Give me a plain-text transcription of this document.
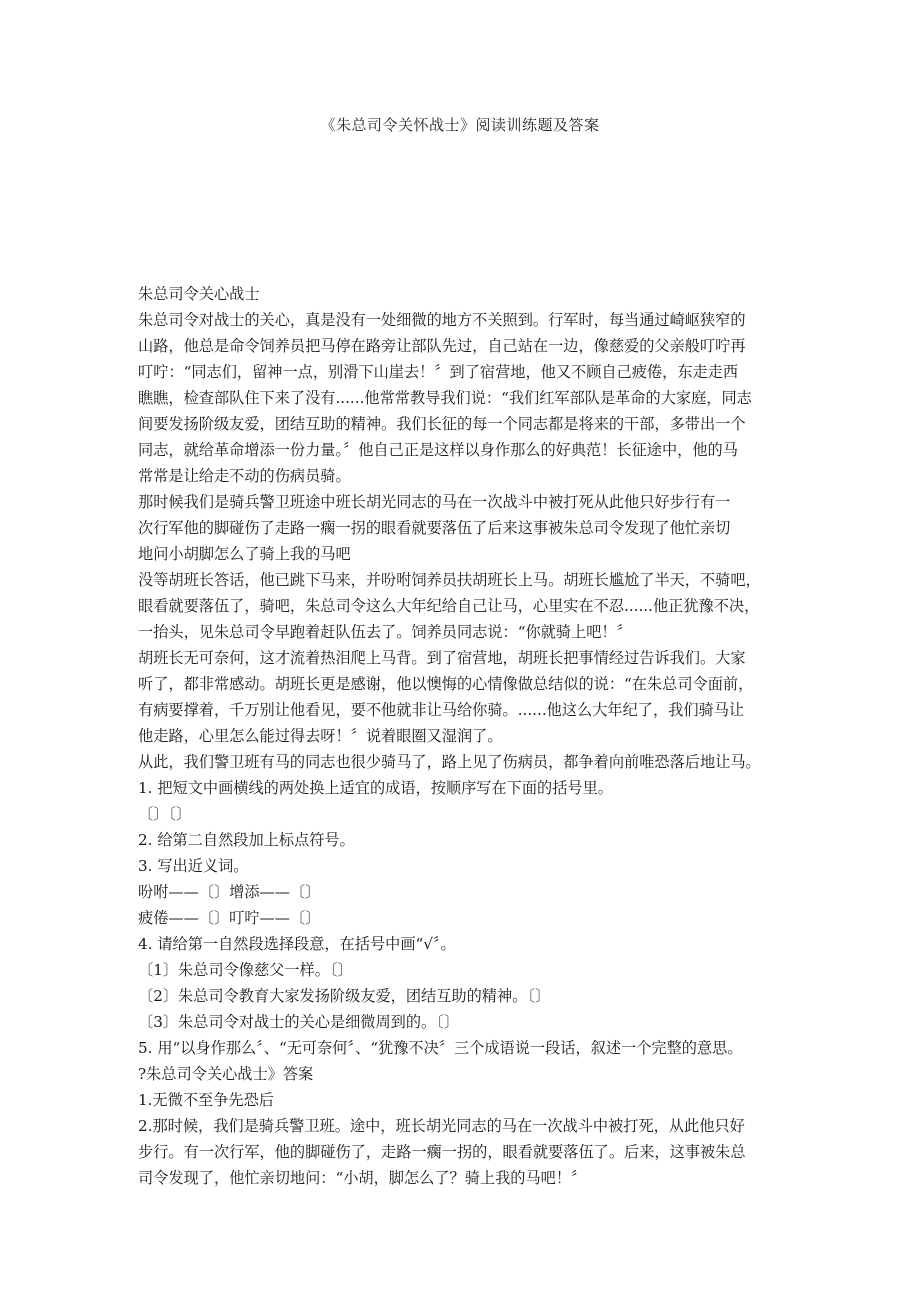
《朱总司令关怀战士》阅读训练题及答案
朱总司令关心战士
朱总司令对战士的关心，真是没有一处细微的地方不关照到。行军时，每当通过崎岖狭窄的
山路，他总是命令饲养员把马停在路旁让部队先过，自己站在一边，像慈爱的父亲般叮咛再
叮咛：“同志们，留神一点，别滑下山崖去！〞到了宿营地，他又不顾自己疲倦，东走走西
瞧瞧，检查部队住下来了没有......他常常教导我们说：“我们红军部队是革命的大家庭，同志
间要发扬阶级友爱，团结互助的精神。我们长征的每一个同志都是将来的干部，多带出一个
同志，就给革命增添一份力量。〞他自己正是这样以身作那么的好典范！长征途中，他的马
常常是让给走不动的伤病员骑。
那时候我们是骑兵警卫班途中班长胡光同志的马在一次战斗中被打死从此他只好步行有一
次行军他的脚碰伤了走路一瘸一拐的眼看就要落伍了后来这事被朱总司令发现了他忙亲切
地问小胡脚怎么了骑上我的马吧
没等胡班长答话，他已跳下马来，并吩咐饲养员扶胡班长上马。胡班长尴尬了半天，不骑吧，
眼看就要落伍了，骑吧，朱总司令这么大年纪给自己让马，心里实在不忍......他正犹豫不决，
一抬头，见朱总司令早跑着赶队伍去了。饲养员同志说：“你就骑上吧！〞
胡班长无可奈何，这才流着热泪爬上马背。到了宿营地，胡班长把事情经过告诉我们。大家
听了，都非常感动。胡班长更是感谢，他以懊悔的心情像做总结似的说：“在朱总司令面前，
有病要撑着，千万别让他看见，要不他就非让马给你骑。......他这么大年纪了，我们骑马让
他走路，心里怎么能过得去呀！〞说着眼圈又湿润了。
从此，我们警卫班有马的同志也很少骑马了，路上见了伤病员，都争着向前唯恐落后地让马。
1. 把短文中画横线的两处换上适宜的成语，按顺序写在下面的括号里。
〔〕〔〕
2. 给第二自然段加上标点符号。
3. 写出近义词。
吩咐——〔〕增添——〔〕
疲倦——〔〕叮咛——〔〕
4. 请给第一自然段选择段意，在括号中画“√〞。
〔1〕朱总司令像慈父一样。〔〕
〔2〕朱总司令教育大家发扬阶级友爱，团结互助的精神。〔〕
〔3〕朱总司令对战士的关心是细微周到的。〔〕
5. 用“以身作那么〞、“无可奈何〞、“犹豫不决〞三个成语说一段话，叙述一个完整的意思。
?朱总司令关心战士》答案
1.无微不至争先恐后
2.那时候，我们是骑兵警卫班。途中，班长胡光同志的马在一次战斗中被打死，从此他只好
步行。有一次行军，他的脚碰伤了，走路一瘸一拐的，眼看就要落伍了。后来，这事被朱总
司令发现了，他忙亲切地问：“小胡，脚怎么了？骑上我的马吧！〞
